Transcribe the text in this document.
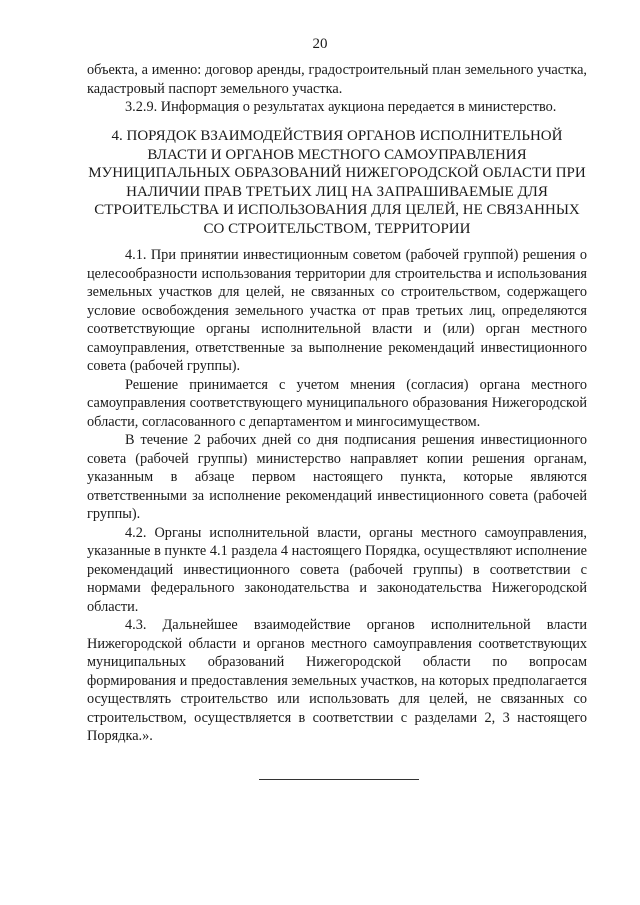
20

объекта, а именно: договор аренды, градостроительный план земельного участка, кадастровый паспорт земельного участка.

3.2.9. Информация о результатах аукциона передается в министерство.

4. ПОРЯДОК ВЗАИМОДЕЙСТВИЯ ОРГАНОВ ИСПОЛНИТЕЛЬНОЙ ВЛАСТИ И ОРГАНОВ МЕСТНОГО САМОУПРАВЛЕНИЯ МУНИЦИПАЛЬНЫХ ОБРАЗОВАНИЙ НИЖЕГОРОДСКОЙ ОБЛАСТИ ПРИ НАЛИЧИИ ПРАВ ТРЕТЬИХ ЛИЦ НА ЗАПРАШИВАЕМЫЕ ДЛЯ СТРОИТЕЛЬСТВА И ИСПОЛЬЗОВАНИЯ ДЛЯ ЦЕЛЕЙ, НЕ СВЯЗАННЫХ СО СТРОИТЕЛЬСТВОМ, ТЕРРИТОРИИ

4.1. При принятии инвестиционным советом (рабочей группой) решения о целесообразности использования территории для строительства и использования земельных участков для целей, не связанных со строительством, содержащего условие освобождения земельного участка от прав третьих лиц, определяются соответствующие органы исполнительной власти и (или) орган местного самоуправления, ответственные за выполнение рекомендаций инвестиционного совета (рабочей группы).

Решение принимается с учетом мнения (согласия) органа местного самоуправления соответствующего муниципального образования Нижегородской области, согласованного с департаментом и мингосимуществом.

В течение 2 рабочих дней со дня подписания решения инвестиционного совета (рабочей группы) министерство направляет копии решения органам, указанным в абзаце первом настоящего пункта, которые являются ответственными за исполнение рекомендаций инвестиционного совета (рабочей группы).

4.2. Органы исполнительной власти, органы местного самоуправления, указанные в пункте 4.1 раздела 4 настоящего Порядка, осуществляют исполнение рекомендаций инвестиционного совета (рабочей группы) в соответствии с нормами федерального законодательства и законодательства Нижегородской области.

4.3. Дальнейшее взаимодействие органов исполнительной власти Нижегородской области и органов местного самоуправления соответствующих муниципальных образований Нижегородской области по вопросам формирования и предоставления земельных участков, на которых предполагается осуществлять строительство или использовать для целей, не связанных со строительством, осуществляется в соответствии с разделами 2, 3 настоящего Порядка.».
